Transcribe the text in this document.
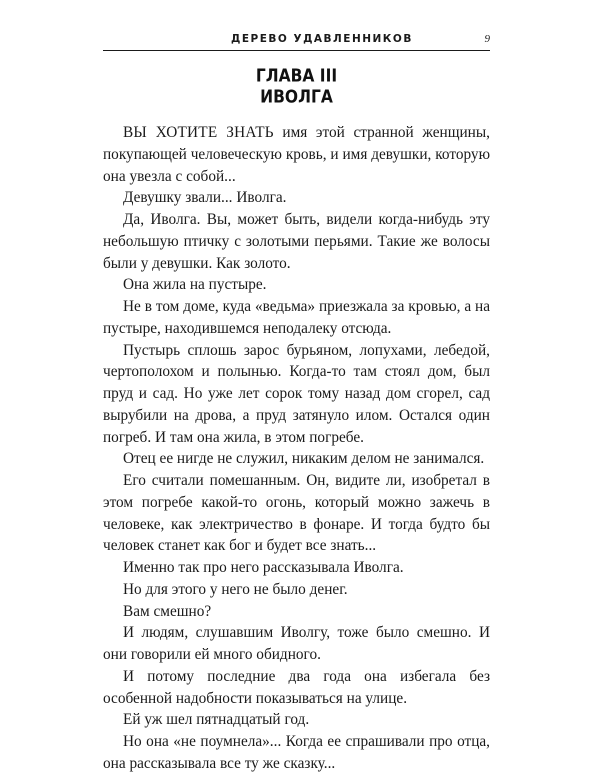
ДЕРЕВО УДАВЛЕННИКОВ	9
ГЛАВА III
ИВОЛГА

ВЫ ХОТИТЕ ЗНАТЬ имя этой странной женщины, покупающей человеческую кровь, и имя девушки, которую она увезла с собой...

Девушку звали... Иволга.

Да, Иволга. Вы, может быть, видели когда-нибудь эту небольшую птичку с золотыми перьями. Такие же волосы были у девушки. Как золото.

Она жила на пустыре.

Не в том доме, куда «ведьма» приезжала за кровью, а на пустыре, находившемся неподалеку отсюда.

Пустырь сплошь зарос бурьяном, лопухами, лебедой, чертополохом и полынью. Когда-то там стоял дом, был пруд и сад. Но уже лет сорок тому назад дом сгорел, сад вырубили на дрова, а пруд затянуло илом. Остался один погреб. И там она жила, в этом погребе.

Отец ее нигде не служил, никаким делом не занимался.

Его считали помешанным. Он, видите ли, изобретал в этом погребе какой-то огонь, который можно зажечь в человеке, как электричество в фонаре. И тогда будто бы человек станет как бог и будет все знать...

Именно так про него рассказывала Иволга.

Но для этого у него не было денег.

Вам смешно?

И людям, слушавшим Иволгу, тоже было смешно. И они говорили ей много обидного.

И потому последние два года она избегала без особенной надобности показываться на улице.

Ей уж шел пятнадцатый год.

Но она «не поумнела»... Когда ее спрашивали про отца, она рассказывала все ту же сказку...
